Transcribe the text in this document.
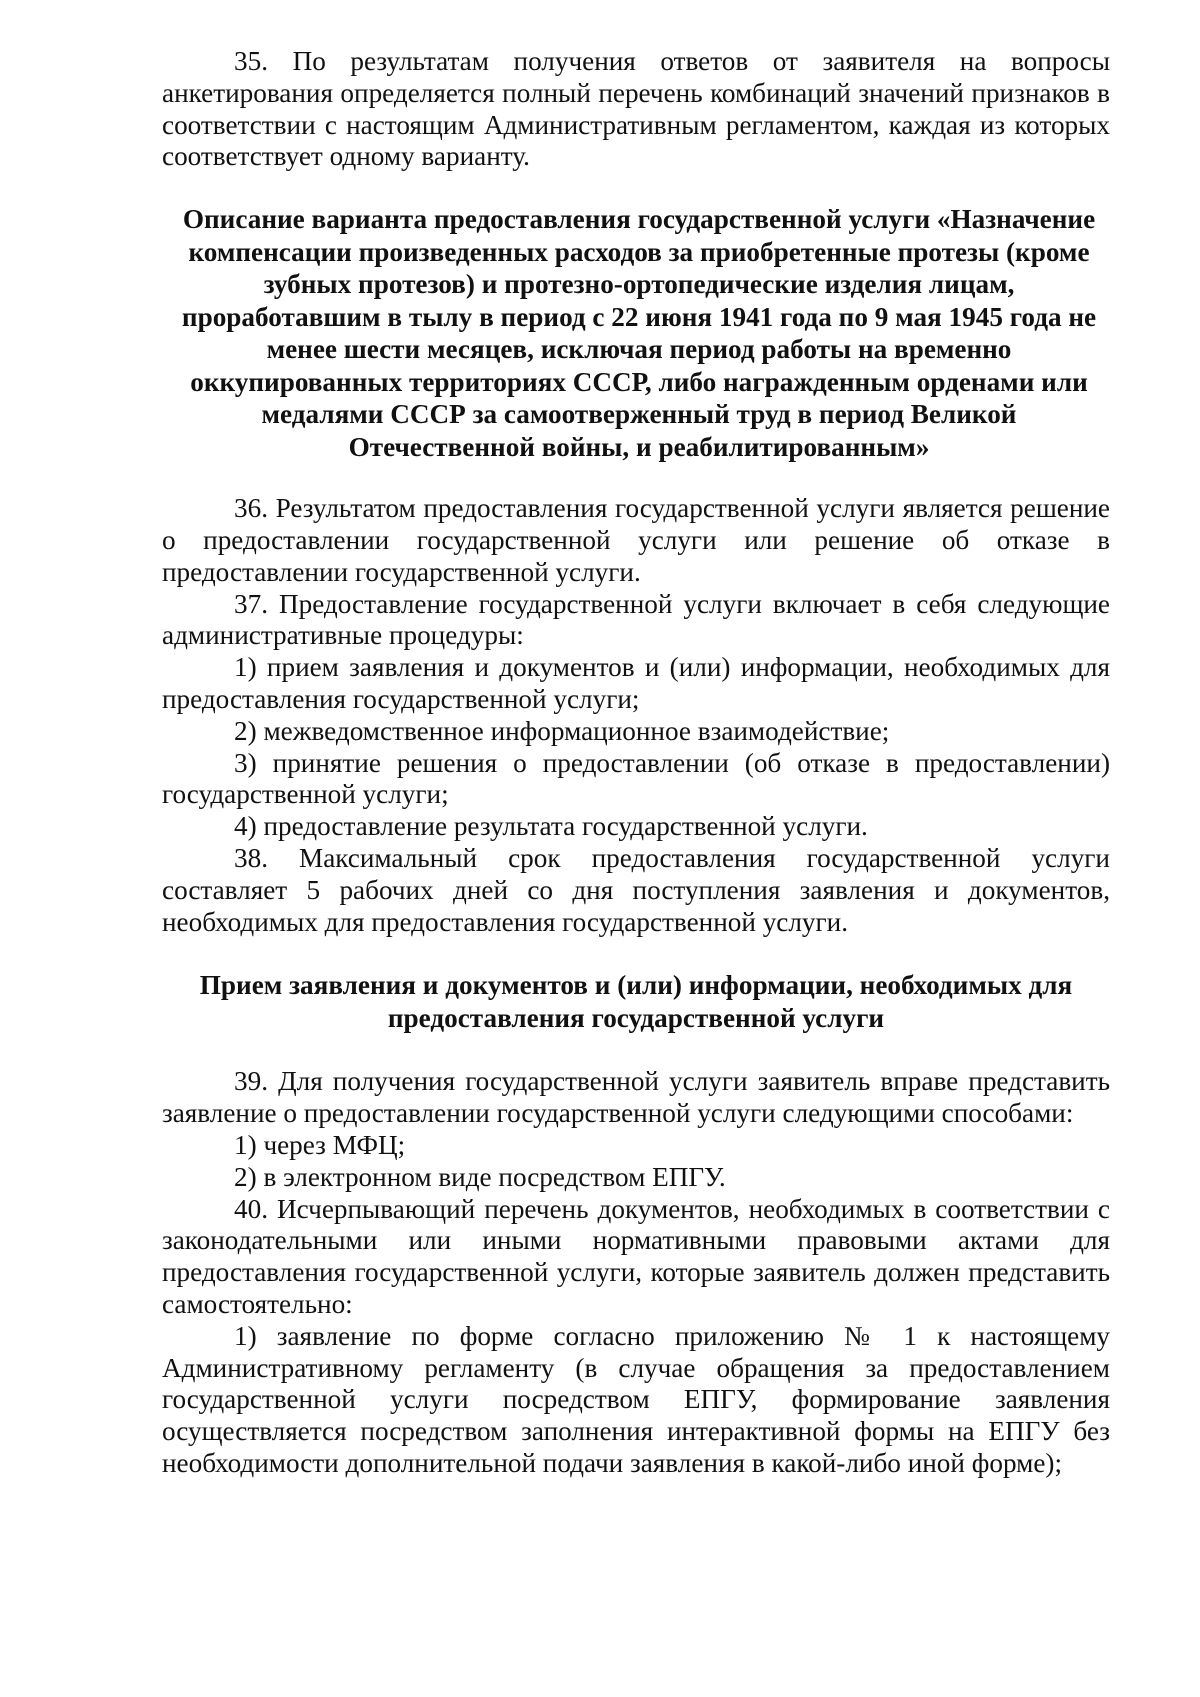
35. По результатам получения ответов от заявителя на вопросы анкетирования определяется полный перечень комбинаций значений признаков в соответствии с настоящим Административным регламентом, каждая из которых соответствует одному варианту.

Описание варианта предоставления государственной услуги «Назначение компенсации произведенных расходов за приобретенные протезы (кроме зубных протезов) и протезно-ортопедические изделия лицам, проработавшим в тылу в период с 22 июня 1941 года по 9 мая 1945 года не менее шести месяцев, исключая период работы на временно оккупированных территориях СССР, либо награжденным орденами или медалями СССР за самоотверженный труд в период Великой Отечественной войны, и реабилитированным»

36. Результатом предоставления государственной услуги является решение о предоставлении государственной услуги или решение об отказе в предоставлении государственной услуги.

37. Предоставление государственной услуги включает в себя следующие административные процедуры:

1) прием заявления и документов и (или) информации, необходимых для предоставления государственной услуги;

2) межведомственное информационное взаимодействие;

3) принятие решения о предоставлении (об отказе в предоставлении) государственной услуги;

4) предоставление результата государственной услуги.

38. Максимальный срок предоставления государственной услуги составляет 5 рабочих дней со дня поступления заявления и документов, необходимых для предоставления государственной услуги.

Прием заявления и документов и (или) информации, необходимых для предоставления государственной услуги

39. Для получения государственной услуги заявитель вправе представить заявление о предоставлении государственной услуги следующими способами:

1) через МФЦ;

2) в электронном виде посредством ЕПГУ.

40. Исчерпывающий перечень документов, необходимых в соответствии с законодательными или иными нормативными правовыми актами для предоставления государственной услуги, которые заявитель должен представить самостоятельно:

1) заявление по форме согласно приложению № 1 к настоящему Административному регламенту (в случае обращения за предоставлением государственной услуги посредством ЕПГУ, формирование заявления осуществляется посредством заполнения интерактивной формы на ЕПГУ без необходимости дополнительной подачи заявления в какой-либо иной форме);
